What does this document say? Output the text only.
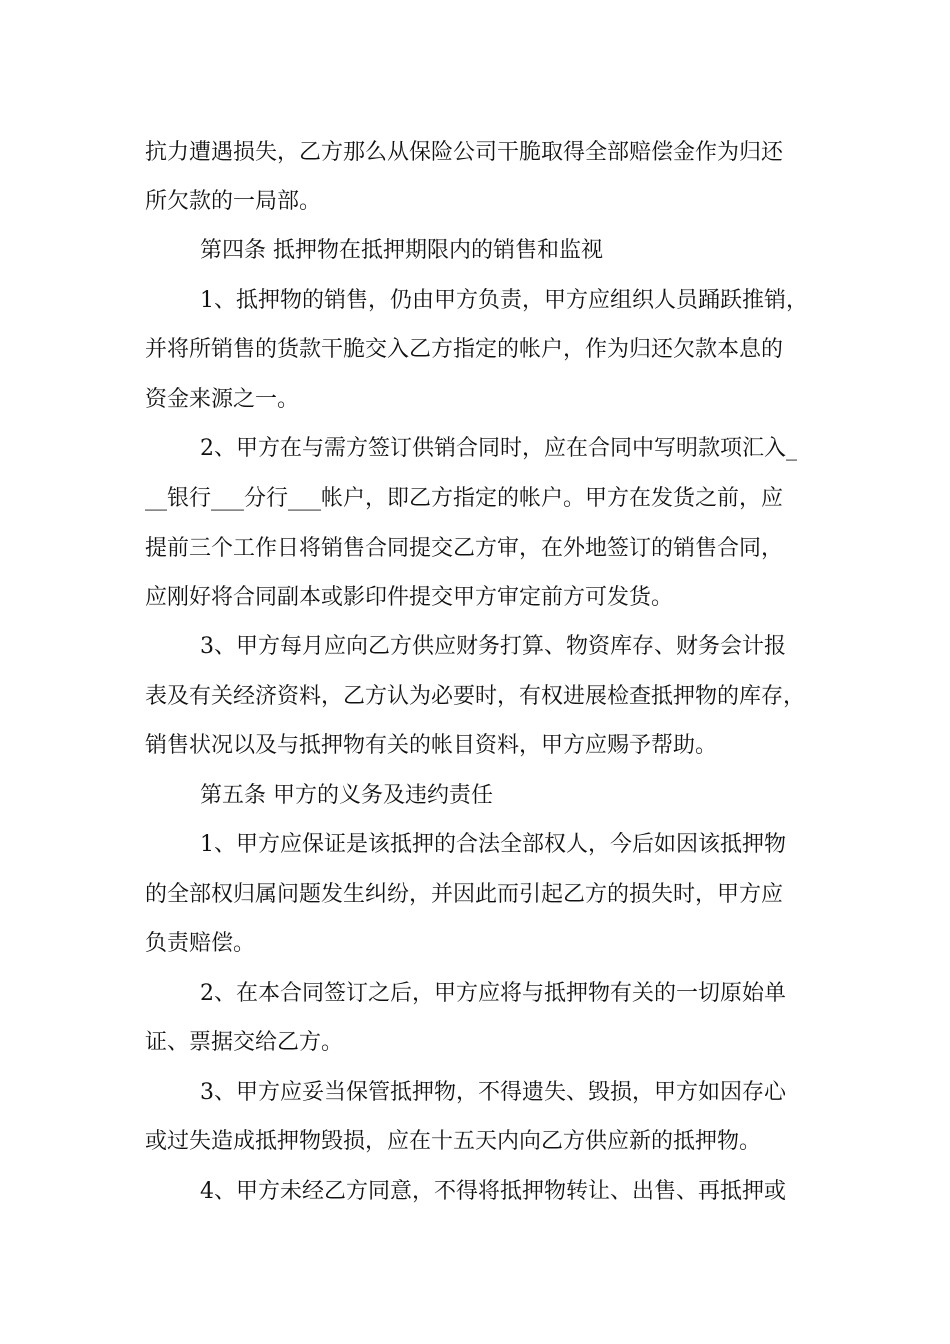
抗力遭遇损失，乙方那么从保险公司干脆取得全部赔偿金作为归还

所欠款的一局部。

第四条 抵押物在抵押期限内的销售和监视

1、抵押物的销售，仍由甲方负责，甲方应组织人员踊跃推销，

并将所销售的货款干脆交入乙方指定的帐户，作为归还欠款本息的

资金来源之一。

2、甲方在与需方签订供销合同时，应在合同中写明款项汇入_

__银行___分行___帐户，即乙方指定的帐户。甲方在发货之前，应

提前三个工作日将销售合同提交乙方审，在外地签订的销售合同，

应刚好将合同副本或影印件提交甲方审定前方可发货。

3、甲方每月应向乙方供应财务打算、物资库存、财务会计报

表及有关经济资料，乙方认为必要时，有权进展检查抵押物的库存，

销售状况以及与抵押物有关的帐目资料，甲方应赐予帮助。

第五条 甲方的义务及违约责任

1、甲方应保证是该抵押的合法全部权人，今后如因该抵押物

的全部权归属问题发生纠纷，并因此而引起乙方的损失时，甲方应

负责赔偿。

2、在本合同签订之后，甲方应将与抵押物有关的一切原始单

证、票据交给乙方。

3、甲方应妥当保管抵押物，不得遗失、毁损，甲方如因存心

或过失造成抵押物毁损，应在十五天内向乙方供应新的抵押物。

4、甲方未经乙方同意，不得将抵押物转让、出售、再抵押或
